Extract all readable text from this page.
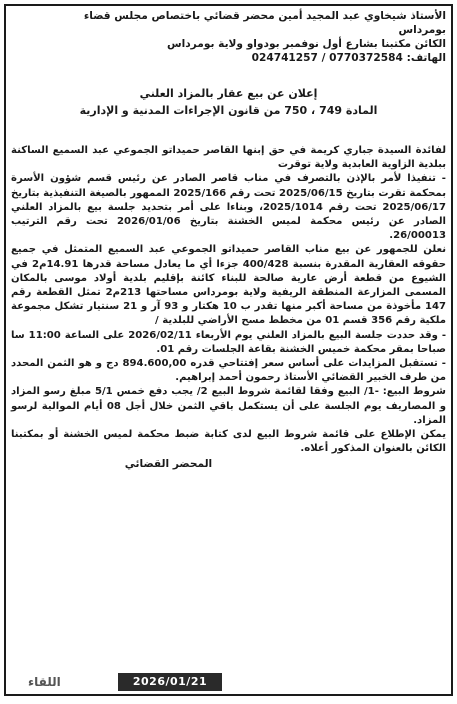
الأستاذ شيخاوي عبد المجيد أمين محضر قضائي باختصاص مجلس قضاء

بومرداس

الكائن مكتبنا بشارع أول نوفمبر بودواو ولاية بومرداس

الهاتف: 0770372584 / 024741257

إعلان عن بيع عقار بالمزاد العلني
المادة 749 ، 750 من قانون الإجراءات المدنية و الإدارية

لفائدة السيدة جباري كريمة في حق إبنها القاصر حميداتو الجموعي عبد السميع الساكنة ببلدية الزاوية العابدية ولاية توقرت

- تنفيذا لأمر بالإذن بالتصرف في مناب قاصر الصادر عن رئيس قسم شؤون الأسرة بمحكمة تقرت بتاريخ 2025/06/15 تحت رقم 2025/166 الممهور بالصيغة التنفيذية بتاريخ 2025/06/17 تحت رقم 2025/1014، وبناءا على أمر بتحديد جلسة بيع بالمزاد العلني الصادر عن رئيس محكمة لميس الخشنة بتاريخ 2026/01/06 تحت رقم الترتيب 26/00013.

نعلن للجمهور عن بيع مناب القاصر حميداتو الجموعي عبد السميع المتمثل في جميع حقوقه العقارية المقدرة بنسبة 400/428 جزءا أي ما يعادل مساحة قدرها 14.91م2 في الشيوع من قطعة أرض عارية صالحة للبناء كائنة بإقليم بلدية أولاد موسى بالمكان المسمى المزارعة المنطقة الريفية ولاية بومرداس مساحتها 213م2 تمثل القطعة رقم 147 مأخوذة من مساحة أكبر منها تقدر ب 10 هكتار و 93 آر و 21 سنتيار تشكل مجموعة ملكية رقم 356 قسم 01 من مخطط مسح الأراضي للبلدية /

- وقد حددت جلسة البيع بالمزاد العلني يوم الأربعاء 2026/02/11 على الساعة 11:00 سا صباحا بمقر محكمة خميس الخشنة بقاعة الجلسات رقم 01.

- تستقبل المزايدات على أساس سعر إفتتاحي قدره 894.600,00 دج و هو الثمن المحدد من طرف الخبير القضائي الأستاذ رحمون أحمد إبراهيم.

شروط البيع: -1/ البيع وفقا لقائمة شروط البيع 2/ يجب دفع خمس 5/1 مبلغ رسو المزاد و المصاريف يوم الجلسة على أن يستكمل باقي الثمن خلال أجل 08 أيام الموالية لرسو المزاد.

يمكن الإطلاع على قائمة شروط البيع لدى كتابة ضبط محكمة لميس الخشنة أو بمكتبنا الكائن بالعنوان المذكور أعلاه.

المحضر القضائي
2026/01/21
اللقاء
